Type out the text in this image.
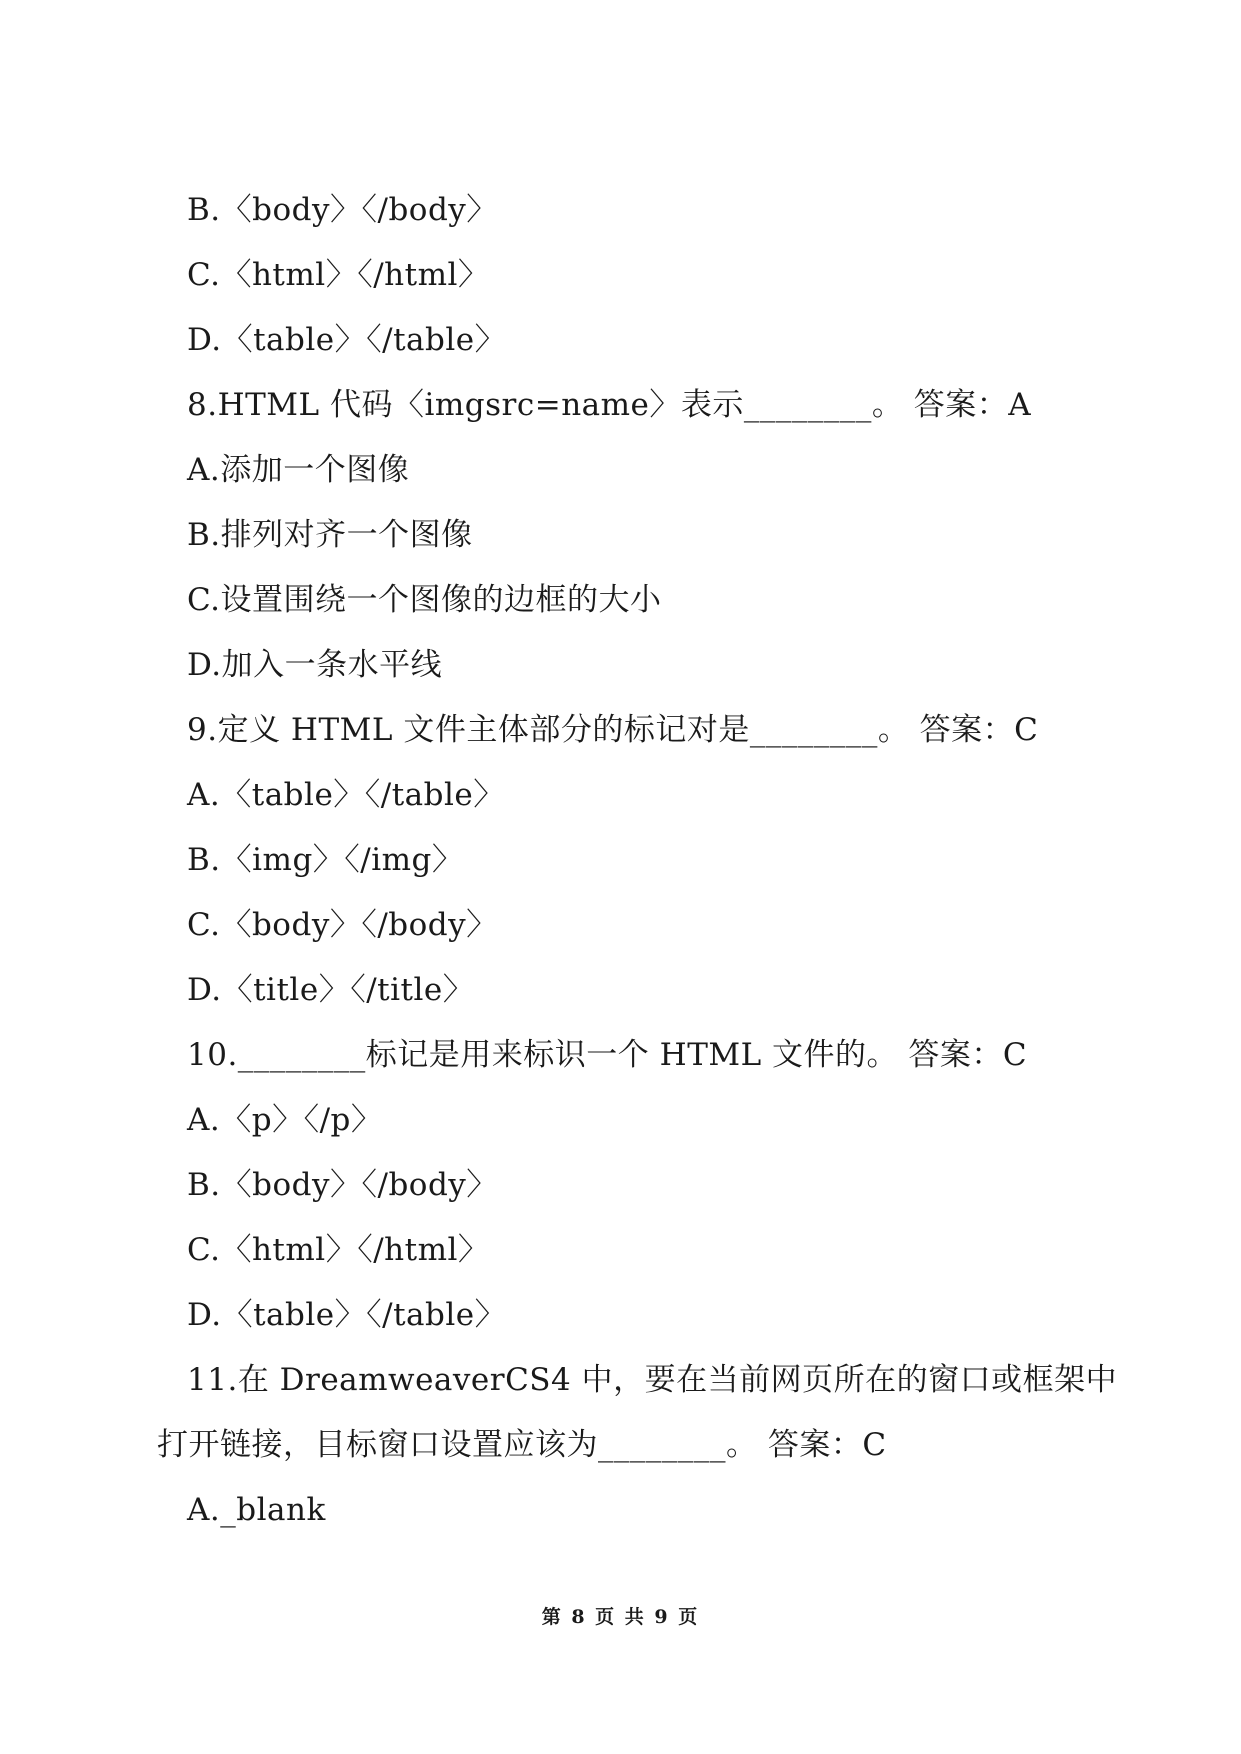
B.〈body〉〈/body〉
C.〈html〉〈/html〉
D.〈table〉〈/table〉
8.HTML 代码〈imgsrc=name〉表示________。 答案：A
A.添加一个图像
B.排列对齐一个图像
C.设置围绕一个图像的边框的大小
D.加入一条水平线
9.定义 HTML 文件主体部分的标记对是________。 答案：C
A.〈table〉〈/table〉
B.〈img〉〈/img〉
C.〈body〉〈/body〉
D.〈title〉〈/title〉
10.________标记是用来标识一个 HTML 文件的。 答案：C
A.〈p〉〈/p〉
B.〈body〉〈/body〉
C.〈html〉〈/html〉
D.〈table〉〈/table〉
11.在 DreamweaverCS4 中，要在当前网页所在的窗口或框架中
打开链接，目标窗口设置应该为________。 答案：C
A._blank
第 8 页 共 9 页
